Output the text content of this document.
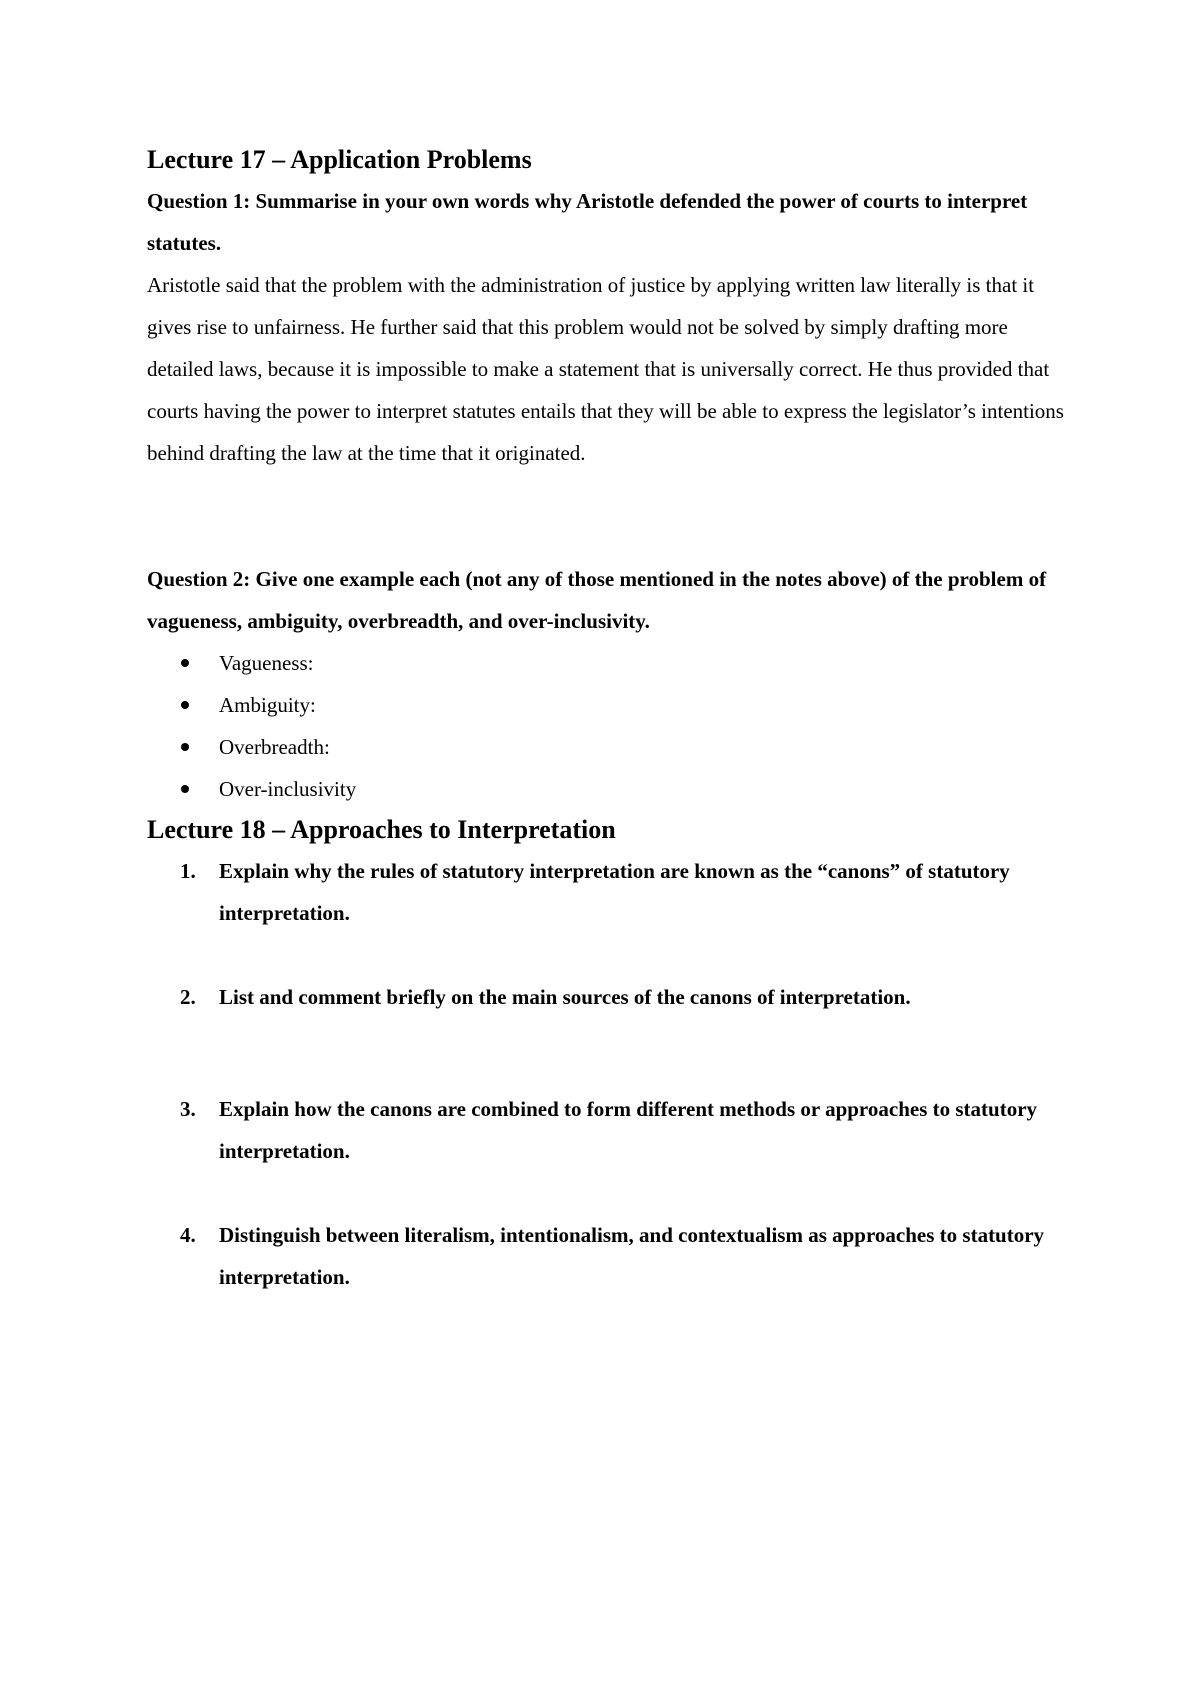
Lecture 17 – Application Problems

Question 1: Summarise in your own words why Aristotle defended the power of courts to interpret statutes.

Aristotle said that the problem with the administration of justice by applying written law literally is that it gives rise to unfairness. He further said that this problem would not be solved by simply drafting more detailed laws, because it is impossible to make a statement that is universally correct. He thus provided that courts having the power to interpret statutes entails that they will be able to express the legislator’s intentions behind drafting the law at the time that it originated.

Question 2: Give one example each (not any of those mentioned in the notes above) of the problem of vagueness, ambiguity, overbreadth, and over-inclusivity.

Vagueness:
Ambiguity:
Overbreadth:
Over-inclusivity
Lecture 18 – Approaches to Interpretation
1. Explain why the rules of statutory interpretation are known as the “canons” of statutory interpretation.
2. List and comment briefly on the main sources of the canons of interpretation.
3. Explain how the canons are combined to form different methods or approaches to statutory interpretation.
4. Distinguish between literalism, intentionalism, and contextualism as approaches to statutory interpretation.
